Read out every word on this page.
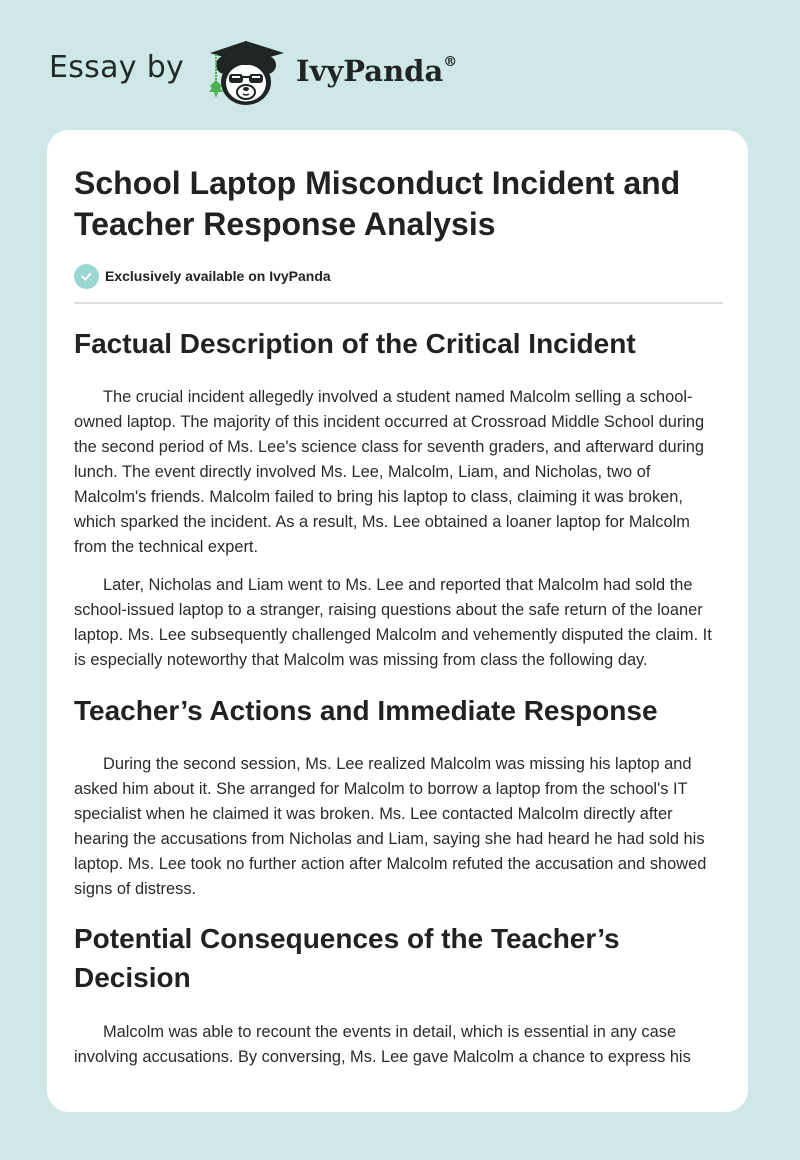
Essay by	IvyPanda®
School Laptop Misconduct Incident and Teacher Response Analysis
Exclusively available on IvyPanda
Factual Description of the Critical Incident

The crucial incident allegedly involved a student named Malcolm selling a school-owned laptop. The majority of this incident occurred at Crossroad Middle School during the second period of Ms. Lee's science class for seventh graders, and afterward during lunch. The event directly involved Ms. Lee, Malcolm, Liam, and Nicholas, two of Malcolm's friends. Malcolm failed to bring his laptop to class, claiming it was broken, which sparked the incident. As a result, Ms. Lee obtained a loaner laptop for Malcolm from the technical expert.

Later, Nicholas and Liam went to Ms. Lee and reported that Malcolm had sold the school-issued laptop to a stranger, raising questions about the safe return of the loaner laptop. Ms. Lee subsequently challenged Malcolm and vehemently disputed the claim. It is especially noteworthy that Malcolm was missing from class the following day.

Teacher’s Actions and Immediate Response

During the second session, Ms. Lee realized Malcolm was missing his laptop and asked him about it. She arranged for Malcolm to borrow a laptop from the school's IT specialist when he claimed it was broken. Ms. Lee contacted Malcolm directly after hearing the accusations from Nicholas and Liam, saying she had heard he had sold his laptop. Ms. Lee took no further action after Malcolm refuted the accusation and showed signs of distress.

Potential Consequences of the Teacher’s Decision

Malcolm was able to recount the events in detail, which is essential in any case involving accusations. By conversing, Ms. Lee gave Malcolm a chance to express his
